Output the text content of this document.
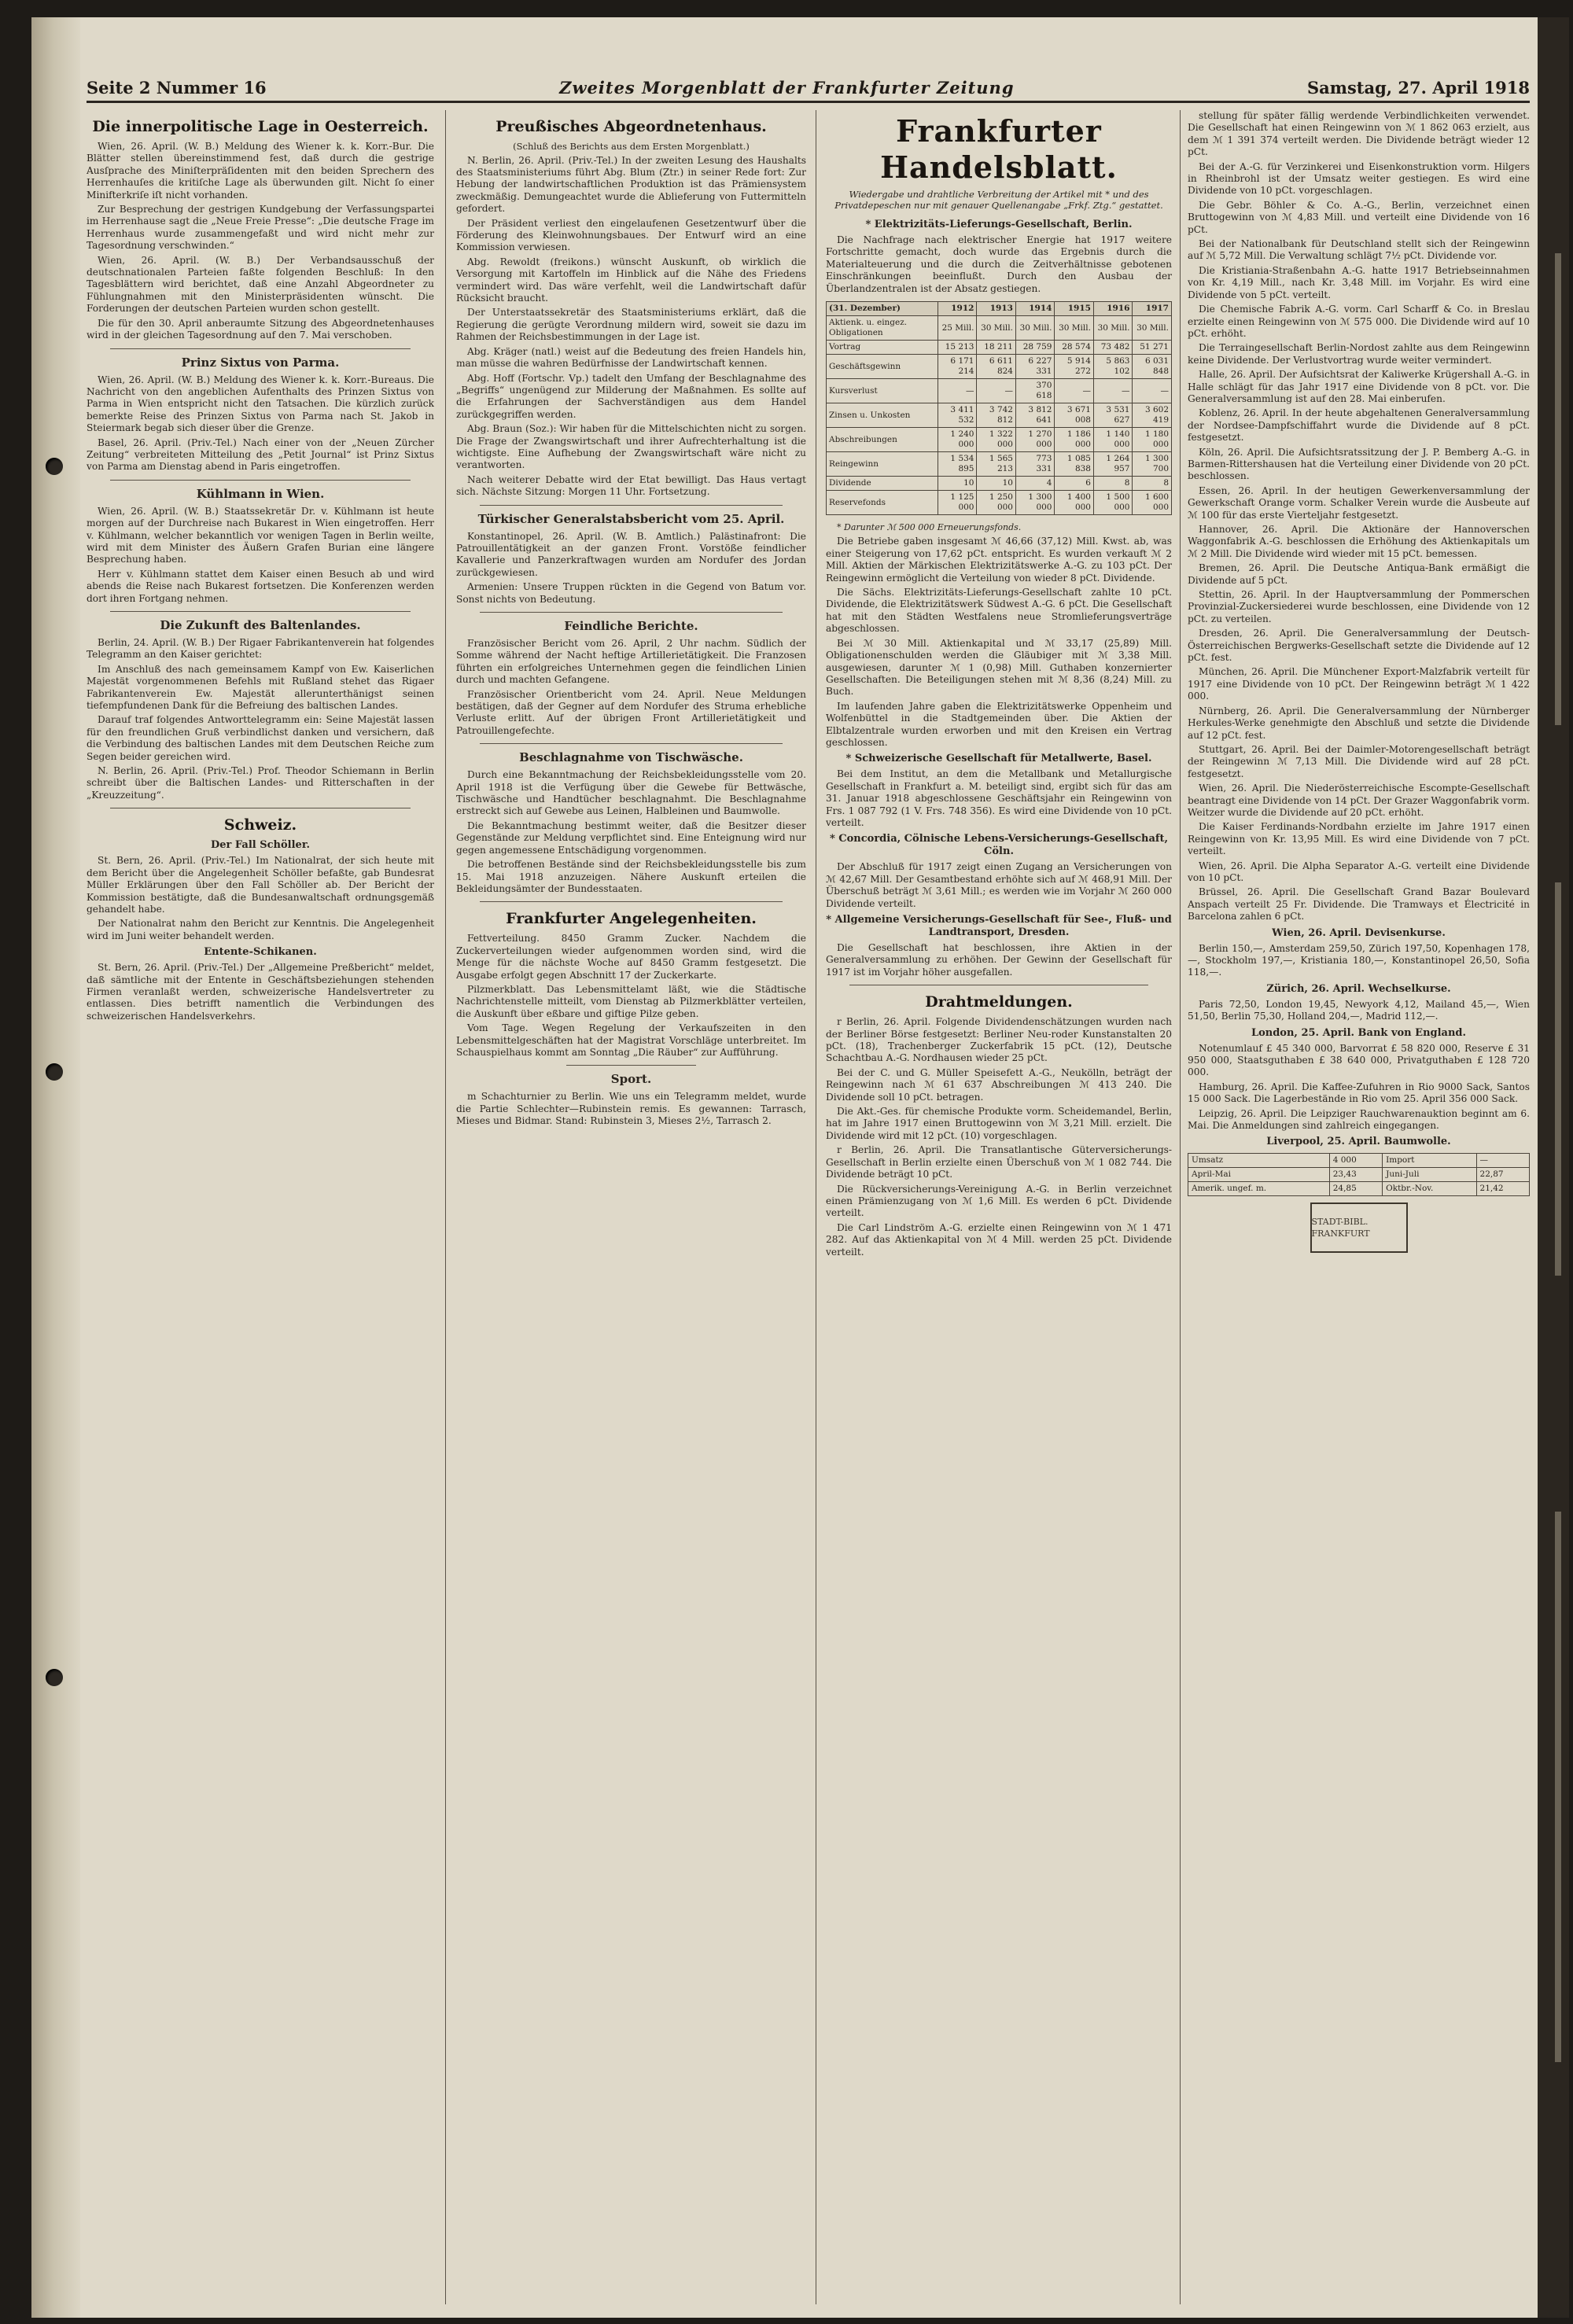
Seite 2 Nummer 16	Zweites Morgenblatt der Frankfurter Zeitung	Samstag, 27. April 1918
Die innerpolitische Lage in Oesterreich.

Wien, 26. April. (W. B.) Meldung des Wiener k. k. Korr.-Bur. Die Blätter stellen übereinstimmend fest, daß durch die gestrige Ausſprache des Miniſterpräſidenten mit den beiden Sprechern des Herrenhauſes die kritiſche Lage als überwunden gilt. Nicht ſo einer Minifterkriſe iſt nicht vorhanden.

Zur Besprechung der gestrigen Kundgebung der Verfassungspartei im Herrenhause sagt die „Neue Freie Presse“: „Die deutsche Frage im Herrenhaus wurde zusammengefaßt und wird nicht mehr zur Tagesordnung verschwinden.“

Wien, 26. April. (W. B.) Der Verbandsausschuß der deutschnationalen Parteien faßte folgenden Beschluß: In den Tagesblättern wird berichtet, daß eine Anzahl Abgeordneter zu Fühlungnahmen mit den Ministerpräsidenten wünscht. Die Forderungen der deutschen Parteien wurden schon gestellt.

Die für den 30. April anberaumte Sitzung des Abgeordnetenhauses wird in der gleichen Tagesordnung auf den 7. Mai verschoben.

Prinz Sixtus von Parma.

Wien, 26. April. (W. B.) Meldung des Wiener k. k. Korr.-Bureaus. Die Nachricht von den angeblichen Aufenthalts des Prinzen Sixtus von Parma in Wien entspricht nicht den Tatsachen. Die kürzlich zurück bemerkte Reise des Prinzen Sixtus von Parma nach St. Jakob in Steiermark begab sich dieser über die Grenze.

Basel, 26. April. (Priv.-Tel.) Nach einer von der „Neuen Zürcher Zeitung“ verbreiteten Mitteilung des „Petit Journal“ ist Prinz Sixtus von Parma am Dienstag abend in Paris eingetroffen.

Kühlmann in Wien.

Wien, 26. April. (W. B.) Staatssekretär Dr. v. Kühlmann ist heute morgen auf der Durchreise nach Bukarest in Wien eingetroffen. Herr v. Kühlmann, welcher bekanntlich vor wenigen Tagen in Berlin weilte, wird mit dem Minister des Äußern Grafen Burian eine längere Besprechung haben.

Herr v. Kühlmann stattet dem Kaiser einen Besuch ab und wird abends die Reise nach Bukarest fortsetzen. Die Konferenzen werden dort ihren Fortgang nehmen.

Die Zukunft des Baltenlandes.

Berlin, 24. April. (W. B.) Der Rigaer Fabrikantenverein hat folgendes Telegramm an den Kaiser gerichtet:

Im Anschluß des nach gemeinsamem Kampf von Ew. Kaiserlichen Majestät vorgenommenen Befehls mit Rußland stehet das Rigaer Fabrikantenverein Ew. Majestät allerunterthänigst seinen tiefempfundenen Dank für die Befreiung des baltischen Landes.

Darauf traf folgendes Antworttelegramm ein: Seine Majestät lassen für den freundlichen Gruß verbindlichst danken und versichern, daß die Verbindung des baltischen Landes mit dem Deutschen Reiche zum Segen beider gereichen wird.

N. Berlin, 26. April. (Priv.-Tel.) Prof. Theodor Schiemann in Berlin schreibt über die Baltischen Landes- und Ritterschaften in der „Kreuzzeitung“.

Schweiz.
Der Fall Schöller.

St. Bern, 26. April. (Priv.-Tel.) Im Nationalrat, der sich heute mit dem Bericht über die Angelegenheit Schöller befaßte, gab Bundesrat Müller Erklärungen über den Fall Schöller ab. Der Bericht der Kommission bestätigte, daß die Bundesanwaltschaft ordnungsgemäß gehandelt habe.

Der Nationalrat nahm den Bericht zur Kenntnis. Die Angelegenheit wird im Juni weiter behandelt werden.

Entente-Schikanen.

St. Bern, 26. April. (Priv.-Tel.) Der „Allgemeine Preßbericht“ meldet, daß sämtliche mit der Entente in Geschäftsbeziehungen stehenden Firmen veranlaßt werden, schweizerische Handelsvertreter zu entlassen. Dies betrifft namentlich die Verbindungen des schweizerischen Handelsverkehrs.

Preußisches Abgeordnetenhaus.

(Schluß des Berichts aus dem Ersten Morgenblatt.)

N. Berlin, 26. April. (Priv.-Tel.) In der zweiten Lesung des Haushalts des Staatsministeriums führt Abg. Blum (Ztr.) in seiner Rede fort: Zur Hebung der landwirtschaftlichen Produktion ist das Prämiensystem zweckmäßig. Demungeachtet wurde die Ablieferung von Futtermitteln gefordert.

Der Präsident verliest den eingelaufenen Gesetzentwurf über die Förderung des Kleinwohnungsbaues. Der Entwurf wird an eine Kommission verwiesen.

Abg. Rewoldt (freikons.) wünscht Auskunft, ob wirklich die Versorgung mit Kartoffeln im Hinblick auf die Nähe des Friedens vermindert wird. Das wäre verfehlt, weil die Landwirtschaft dafür Rücksicht braucht.

Der Unterstaatssekretär des Staatsministeriums erklärt, daß die Regierung die gerügte Verordnung mildern wird, soweit sie dazu im Rahmen der Reichsbestimmungen in der Lage ist.

Abg. Kräger (natl.) weist auf die Bedeutung des freien Handels hin, man müsse die wahren Bedürfnisse der Landwirtschaft kennen.

Abg. Hoff (Fortschr. Vp.) tadelt den Umfang der Beschlagnahme des „Begriffs“ ungenügend zur Milderung der Maßnahmen. Es sollte auf die Erfahrungen der Sachverständigen aus dem Handel zurückgegriffen werden.

Abg. Braun (Soz.): Wir haben für die Mittelschichten nicht zu sorgen. Die Frage der Zwangswirtschaft und ihrer Aufrechterhaltung ist die wichtigste. Eine Aufhebung der Zwangswirtschaft wäre nicht zu verantworten.

Nach weiterer Debatte wird der Etat bewilligt. Das Haus vertagt sich. Nächste Sitzung: Morgen 11 Uhr. Fortsetzung.

Türkischer Generalstabsbericht vom 25. April.

Konstantinopel, 26. April. (W. B. Amtlich.) Palästinafront: Die Patrouillentätigkeit an der ganzen Front. Vorstöße feindlicher Kavallerie und Panzerkraftwagen wurden am Nordufer des Jordan zurückgewiesen.

Armenien: Unsere Truppen rückten in die Gegend von Batum vor. Sonst nichts von Bedeutung.

Feindliche Berichte.

Französischer Bericht vom 26. April, 2 Uhr nachm. Südlich der Somme während der Nacht heftige Artillerietätigkeit. Die Franzosen führten ein erfolgreiches Unternehmen gegen die feindlichen Linien durch und machten Gefangene.

Französischer Orientbericht vom 24. April. Neue Meldungen bestätigen, daß der Gegner auf dem Nordufer des Struma erhebliche Verluste erlitt. Auf der übrigen Front Artillerietätigkeit und Patrouillengefechte.

Beschlagnahme von Tischwäsche.

Durch eine Bekanntmachung der Reichsbekleidungsstelle vom 20. April 1918 ist die Verfügung über die Gewebe für Bettwäsche, Tischwäsche und Handtücher beschlagnahmt. Die Beschlagnahme erstreckt sich auf Gewebe aus Leinen, Halbleinen und Baumwolle.

Die Bekanntmachung bestimmt weiter, daß die Besitzer dieser Gegenstände zur Meldung verpflichtet sind. Eine Enteignung wird nur gegen angemessene Entschädigung vorgenommen.

Die betroffenen Bestände sind der Reichsbekleidungsstelle bis zum 15. Mai 1918 anzuzeigen. Nähere Auskunft erteilen die Bekleidungsämter der Bundesstaaten.

Frankfurter Angelegenheiten.

Fettverteilung. 8450 Gramm Zucker. Nachdem die Zuckerverteilungen wieder aufgenommen worden sind, wird die Menge für die nächste Woche auf 8450 Gramm festgesetzt. Die Ausgabe erfolgt gegen Abschnitt 17 der Zuckerkarte.

Pilzmerkblatt. Das Lebensmittelamt läßt, wie die Städtische Nachrichtenstelle mitteilt, vom Dienstag ab Pilzmerkblätter verteilen, die Auskunft über eßbare und giftige Pilze geben.

Vom Tage. Wegen Regelung der Verkaufszeiten in den Lebensmittelgeschäften hat der Magistrat Vorschläge unterbreitet. Im Schauspielhaus kommt am Sonntag „Die Räuber“ zur Aufführung.

Sport.

m Schachturnier zu Berlin. Wie uns ein Telegramm meldet, wurde die Partie Schlechter—Rubinstein remis. Es gewannen: Tarrasch, Mieses und Bidmar. Stand: Rubinstein 3, Mieses 2½, Tarrasch 2.

Frankfurter Handelsblatt.
Wiedergabe und drahtliche Verbreitung der Artikel mit * und des Privatdepeschen nur mit genauer Quellenangabe „Frkf. Ztg.“ gestattet.
* Elektrizitäts-Lieferungs-Gesellschaft, Berlin.

Die Nachfrage nach elektrischer Energie hat 1917 weitere Fortschritte gemacht, doch wurde das Ergebnis durch die Materialteuerung und die durch die Zeitverhältnisse gebotenen Einschränkungen beeinflußt. Durch den Ausbau der Überlandzentralen ist der Absatz gestiegen.

(31. Dezember)	1912	1913	1914	1915	1916	1917
Aktienk. u. eingez. Obligationen	25 Mill.	30 Mill.	30 Mill.	30 Mill.	30 Mill.	30 Mill.
Vortrag	15 213	18 211	28 759	28 574	73 482	51 271
Geschäftsgewinn	6 171 214	6 611 824	6 227 331	5 914 272	5 863 102	6 031 848
Kursverlust	—	—	370 618	—	—	—
Zinsen u. Unkosten	3 411 532	3 742 812	3 812 641	3 671 008	3 531 627	3 602 419
Abschreibungen	1 240 000	1 322 000	1 270 000	1 186 000	1 140 000	1 180 000
Reingewinn	1 534 895	1 565 213	773 331	1 085 838	1 264 957	1 300 700
Dividende	10	10	4	6	8	8
Reservefonds	1 125 000	1 250 000	1 300 000	1 400 000	1 500 000	1 600 000

* Darunter ℳ 500 000 Erneuerungsfonds.

Die Betriebe gaben insgesamt ℳ 46,66 (37,12) Mill. Kwst. ab, was einer Steigerung von 17,62 pCt. entspricht. Es wurden verkauft ℳ 2 Mill. Aktien der Märkischen Elektrizitätswerke A.-G. zu 103 pCt. Der Reingewinn ermöglicht die Verteilung von wieder 8 pCt. Dividende.

Die Sächs. Elektrizitäts-Lieferungs-Gesellschaft zahlte 10 pCt. Dividende, die Elektrizitätswerk Südwest A.-G. 6 pCt. Die Gesellschaft hat mit den Städten Westfalens neue Stromlieferungsverträge abgeschlossen.

Bei ℳ 30 Mill. Aktienkapital und ℳ 33,17 (25,89) Mill. Obligationenschulden werden die Gläubiger mit ℳ 3,38 Mill. ausgewiesen, darunter ℳ 1 (0,98) Mill. Guthaben konzernierter Gesellschaften. Die Beteiligungen stehen mit ℳ 8,36 (8,24) Mill. zu Buch.

Im laufenden Jahre gaben die Elektrizitätswerke Oppenheim und Wolfenbüttel in die Stadtgemeinden über. Die Aktien der Elbtalzentrale wurden erworben und mit den Kreisen ein Vertrag geschlossen.

* Schweizerische Gesellschaft für Metallwerte, Basel.

Bei dem Institut, an dem die Metallbank und Metallurgische Gesellschaft in Frankfurt a. M. beteiligt sind, ergibt sich für das am 31. Januar 1918 abgeschlossene Geschäftsjahr ein Reingewinn von Frs. 1 087 792 (1 V. Frs. 748 356). Es wird eine Dividende von 10 pCt. verteilt.

* Concordia, Cölnische Lebens-Versicherungs-Gesellschaft, Cöln.

Der Abschluß für 1917 zeigt einen Zugang an Versicherungen von ℳ 42,67 Mill. Der Gesamtbestand erhöhte sich auf ℳ 468,91 Mill. Der Überschuß beträgt ℳ 3,61 Mill.; es werden wie im Vorjahr ℳ 260 000 Dividende verteilt.

* Allgemeine Versicherungs-Gesellschaft für See-, Fluß- und Landtransport, Dresden.

Die Gesellschaft hat beschlossen, ihre Aktien in der Generalversammlung zu erhöhen. Der Gewinn der Gesellschaft für 1917 ist im Vorjahr höher ausgefallen.

Drahtmeldungen.

r Berlin, 26. April. Folgende Dividendenschätzungen wurden nach der Berliner Börse festgesetzt: Berliner Neu-roder Kunstanstalten 20 pCt. (18), Trachenberger Zuckerfabrik 15 pCt. (12), Deutsche Schachtbau A.-G. Nordhausen wieder 25 pCt.

Bei der C. und G. Müller Speisefett A.-G., Neukölln, beträgt der Reingewinn nach ℳ 61 637 Abschreibungen ℳ 413 240. Die Dividende soll 10 pCt. betragen.

Die Akt.-Ges. für chemische Produkte vorm. Scheidemandel, Berlin, hat im Jahre 1917 einen Bruttogewinn von ℳ 3,21 Mill. erzielt. Die Dividende wird mit 12 pCt. (10) vorgeschlagen.

r Berlin, 26. April. Die Transatlantische Güterversicherungs-Gesellschaft in Berlin erzielte einen Überschuß von ℳ 1 082 744. Die Dividende beträgt 10 pCt.

Die Rückversicherungs-Vereinigung A.-G. in Berlin verzeichnet einen Prämienzugang von ℳ 1,6 Mill. Es werden 6 pCt. Dividende verteilt.

Die Carl Lindström A.-G. erzielte einen Reingewinn von ℳ 1 471 282. Auf das Aktienkapital von ℳ 4 Mill. werden 25 pCt. Dividende verteilt.

stellung für später fällig werdende Verbindlichkeiten verwendet. Die Gesellschaft hat einen Reingewinn von ℳ 1 862 063 erzielt, aus dem ℳ 1 391 374 verteilt werden. Die Dividende beträgt wieder 12 pCt.

Bei der A.-G. für Verzinkerei und Eisenkonstruktion vorm. Hilgers in Rheinbrohl ist der Umsatz weiter gestiegen. Es wird eine Dividende von 10 pCt. vorgeschlagen.

Die Gebr. Böhler & Co. A.-G., Berlin, verzeichnet einen Bruttogewinn von ℳ 4,83 Mill. und verteilt eine Dividende von 16 pCt.

Bei der Nationalbank für Deutschland stellt sich der Reingewinn auf ℳ 5,72 Mill. Die Verwaltung schlägt 7½ pCt. Dividende vor.

Die Kristiania-Straßenbahn A.-G. hatte 1917 Betriebseinnahmen von Kr. 4,19 Mill., nach Kr. 3,48 Mill. im Vorjahr. Es wird eine Dividende von 5 pCt. verteilt.

Die Chemische Fabrik A.-G. vorm. Carl Scharff & Co. in Breslau erzielte einen Reingewinn von ℳ 575 000. Die Dividende wird auf 10 pCt. erhöht.

Die Terraingesellschaft Berlin-Nordost zahlte aus dem Reingewinn keine Dividende. Der Verlustvortrag wurde weiter vermindert.

Halle, 26. April. Der Aufsichtsrat der Kaliwerke Krügershall A.-G. in Halle schlägt für das Jahr 1917 eine Dividende von 8 pCt. vor. Die Generalversammlung ist auf den 28. Mai einberufen.

Koblenz, 26. April. In der heute abgehaltenen Generalversammlung der Nordsee-Dampfschiffahrt wurde die Dividende auf 8 pCt. festgesetzt.

Köln, 26. April. Die Aufsichtsratssitzung der J. P. Bemberg A.-G. in Barmen-Rittershausen hat die Verteilung einer Dividende von 20 pCt. beschlossen.

Essen, 26. April. In der heutigen Gewerkenversammlung der Gewerkschaft Orange vorm. Schalker Verein wurde die Ausbeute auf ℳ 100 für das erste Vierteljahr festgesetzt.

Hannover, 26. April. Die Aktionäre der Hannoverschen Waggonfabrik A.-G. beschlossen die Erhöhung des Aktienkapitals um ℳ 2 Mill. Die Dividende wird wieder mit 15 pCt. bemessen.

Bremen, 26. April. Die Deutsche Antiqua-Bank ermäßigt die Dividende auf 5 pCt.

Stettin, 26. April. In der Hauptversammlung der Pommerschen Provinzial-Zuckersiederei wurde beschlossen, eine Dividende von 12 pCt. zu verteilen.

Dresden, 26. April. Die Generalversammlung der Deutsch-Österreichischen Bergwerks-Gesellschaft setzte die Dividende auf 12 pCt. fest.

München, 26. April. Die Münchener Export-Malzfabrik verteilt für 1917 eine Dividende von 10 pCt. Der Reingewinn beträgt ℳ 1 422 000.

Nürnberg, 26. April. Die Generalversammlung der Nürnberger Herkules-Werke genehmigte den Abschluß und setzte die Dividende auf 12 pCt. fest.

Stuttgart, 26. April. Bei der Daimler-Motorengesellschaft beträgt der Reingewinn ℳ 7,13 Mill. Die Dividende wird auf 28 pCt. festgesetzt.

Wien, 26. April. Die Niederösterreichische Escompte-Gesellschaft beantragt eine Dividende von 14 pCt. Der Grazer Waggonfabrik vorm. Weitzer wurde die Dividende auf 20 pCt. erhöht.

Die Kaiser Ferdinands-Nordbahn erzielte im Jahre 1917 einen Reingewinn von Kr. 13,95 Mill. Es wird eine Dividende von 7 pCt. verteilt.

Wien, 26. April. Die Alpha Separator A.-G. verteilt eine Dividende von 10 pCt.

Brüssel, 26. April. Die Gesellschaft Grand Bazar Boulevard Anspach verteilt 25 Fr. Dividende. Die Tramways et Électricité in Barcelona zahlen 6 pCt.

Wien, 26. April. Devisenkurse.

Berlin 150,—, Amsterdam 259,50, Zürich 197,50, Kopenhagen 178,—, Stockholm 197,—, Kristiania 180,—, Konstantinopel 26,50, Sofia 118,—.

Zürich, 26. April. Wechselkurse.

Paris 72,50, London 19,45, Newyork 4,12, Mailand 45,—, Wien 51,50, Berlin 75,30, Holland 204,—, Madrid 112,—.

London, 25. April. Bank von England.

Notenumlauf £ 45 340 000, Barvorrat £ 58 820 000, Reserve £ 31 950 000, Staatsguthaben £ 38 640 000, Privatguthaben £ 128 720 000.

Hamburg, 26. April. Die Kaffee-Zufuhren in Rio 9000 Sack, Santos 15 000 Sack. Die Lagerbestände in Rio vom 25. April 356 000 Sack.

Leipzig, 26. April. Die Leipziger Rauchwarenauktion beginnt am 6. Mai. Die Anmeldungen sind zahlreich eingegangen.

Liverpool, 25. April. Baumwolle.
Umsatz	4 000	Import	—
April-Mai	23,43	Juni-Juli	22,87
Amerik. ungef. m.	24,85	Oktbr.-Nov.	21,42
STADT-BIBL. FRANKFURT
